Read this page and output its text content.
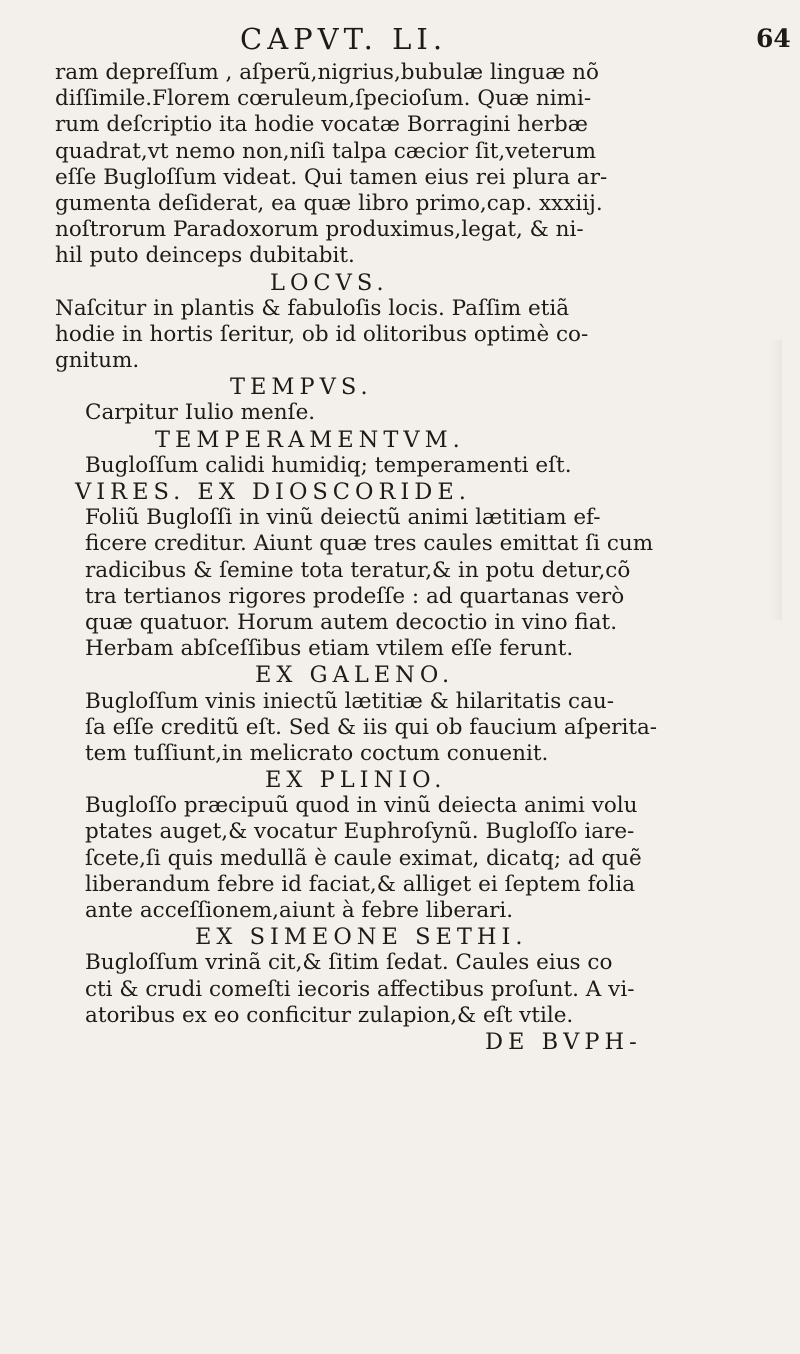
CAPVT. LI.	64
ram depreſſum , aſperũ,nigrius,bubulæ linguæ nõ
diſſimile.Florem cœruleum,ſpecioſum. Quæ nimi-
rum deſcriptio ita hodie vocatæ Borragini herbæ
quadrat,vt nemo non,niſi talpa cæcior ſit,veterum
eſſe Bugloſſum videat. Qui tamen eius rei plura ar-
gumenta deſiderat, ea quæ libro primo,cap. xxxiij.
noſtrorum Paradoxorum produximus,legat, & ni-
hil puto deinceps dubitabit.
LOCVS.
Naſcitur in plantis & fabuloſis locis. Paſſim etiã
hodie in hortis ſeritur, ob id olitoribus optimè co-
gnitum.
TEMPVS.
Carpitur Iulio menſe.
TEMPERAMENTVM.
Bugloſſum calidi humidiq; temperamenti eſt.
VIRES. EX DIOSCORIDE.
Foliũ Bugloſſi in vinũ deiectũ animi lætitiam ef-
ficere creditur. Aiunt quæ tres caules emittat ſi cum
radicibus & ſemine tota teratur,& in potu detur,cõ
tra tertianos rigores prodeſſe : ad quartanas verò
quæ quatuor. Horum autem decoctio in vino fiat.
Herbam abſceſſibus etiam vtilem eſſe ferunt.
EX GALENO.
Bugloſſum vinis iniectũ lætitiæ & hilaritatis cau-
ſa eſſe creditũ eſt. Sed & iis qui ob faucium aſperita-
tem tuſſiunt,in melicrato coctum conuenit.
EX PLINIO.
Bugloſſo præcipuũ quod in vinũ deiecta animi volu
ptates auget,& vocatur Euphroſynũ. Bugloſſo iare-
ſcete,ſi quis medullã è caule eximat, dicatq; ad quẽ
liberandum febre id faciat,& alliget ei ſeptem folia
ante acceſſionem,aiunt à febre liberari.
EX SIMEONE SETHI.
Bugloſſum vrinã cit,& ſitim ſedat. Caules eius co
cti & crudi comeſti iecoris affectibus proſunt. A vi-
atoribus ex eo conficitur zulapion,& eſt vtile.
DE BVPH-
